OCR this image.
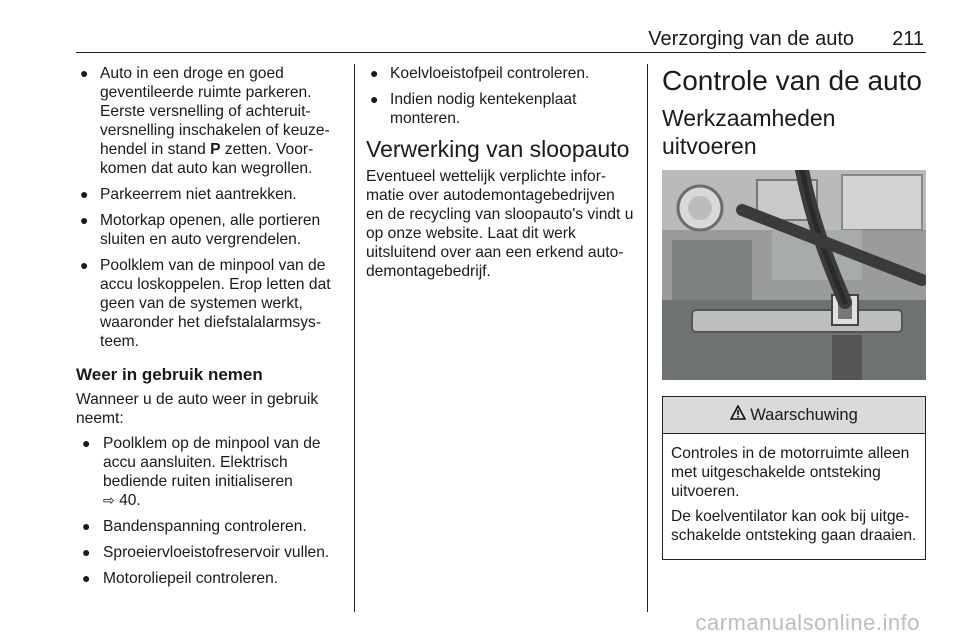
Verzorging van de auto 211
● Auto in een droge en goed geventileerde ruimte parkeren. Eerste versnelling of achteruit-versnelling inschakelen of keuze-hendel in stand P zetten. Voor-komen dat auto kan wegrollen.
● Parkeerrem niet aantrekken.
● Motorkap openen, alle portieren sluiten en auto vergrendelen.
● Poolklem van de minpool van de accu loskoppelen. Erop letten dat geen van de systemen werkt, waaronder het diefstalalarmsys-teem.
Weer in gebruik nemen

Wanneer u de auto weer in gebruik neemt:

● Poolklem op de minpool van de accu aansluiten. Elektrisch bediende ruiten initialiseren
⇨ 40.
● Bandenspanning controleren.
● Sproeiervloeistofreservoir vullen.
● Motoroliepeil controleren.
● Koelvloeistofpeil controleren.
● Indien nodig kentekenplaat monteren.
Verwerking van sloopauto

Eventueel wettelijk verplichte infor-matie over autodemontagebedrijven en de recycling van sloopauto's vindt u op onze website. Laat dit werk uitsluitend over aan een erkend auto-demontagebedrijf.

Controle van de auto
Werkzaamheden uitvoeren
Waarschuwing

Controles in de motorruimte alleen met uitgeschakelde ontsteking uitvoeren.

De koelventilator kan ook bij uitge-schakelde ontsteking gaan draaien.

carmanualsonline.info
